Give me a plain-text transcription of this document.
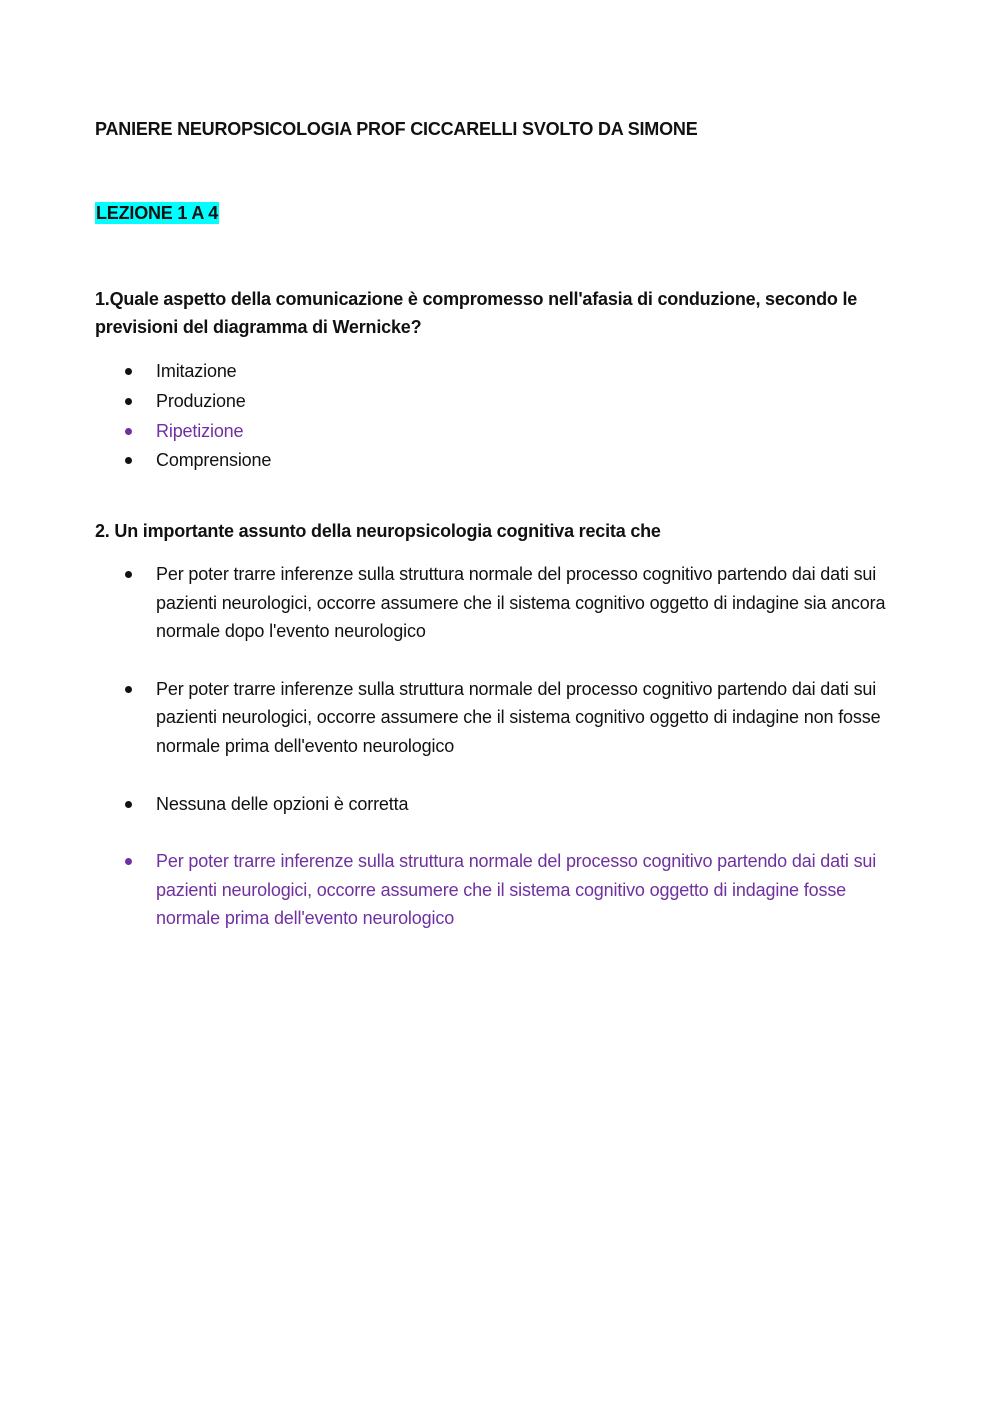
PANIERE NEUROPSICOLOGIA PROF CICCARELLI SVOLTO DA SIMONE

LEZIONE 1 A 4

1.Quale aspetto della comunicazione è compromesso nell'afasia di conduzione, secondo le previsioni del diagramma di Wernicke?

Imitazione
Produzione
Ripetizione
Comprensione

2. Un importante assunto della neuropsicologia cognitiva recita che

Per poter trarre inferenze sulla struttura normale del processo cognitivo partendo dai dati sui pazienti neurologici, occorre assumere che il sistema cognitivo oggetto di indagine sia ancora normale dopo l'evento neurologico
Per poter trarre inferenze sulla struttura normale del processo cognitivo partendo dai dati sui pazienti neurologici, occorre assumere che il sistema cognitivo oggetto di indagine non fosse normale prima dell'evento neurologico
Nessuna delle opzioni è corretta
Per poter trarre inferenze sulla struttura normale del processo cognitivo partendo dai dati sui pazienti neurologici, occorre assumere che il sistema cognitivo oggetto di indagine fosse normale prima dell'evento neurologico
